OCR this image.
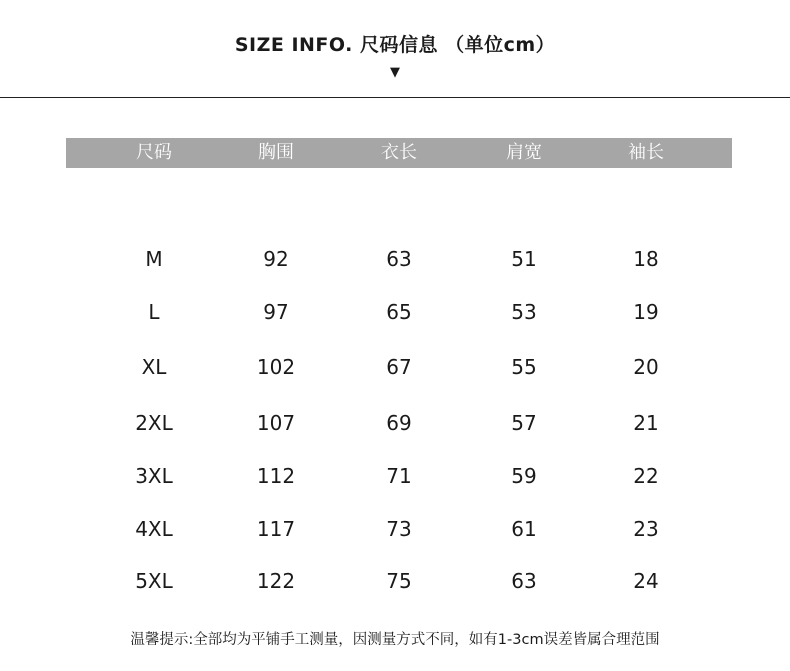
SIZE INFO. 尺码信息 （单位cm）
▼
尺码	胸围	衣长	肩宽	袖长
M	92	63	51	18
L	97	65	53	19
XL	102	67	55	20
2XL	107	69	57	21
3XL	112	71	59	22
4XL	117	73	61	23
5XL	122	75	63	24
温馨提示:全部均为平铺手工测量，因测量方式不同，如有1-3cm误差皆属合理范围
